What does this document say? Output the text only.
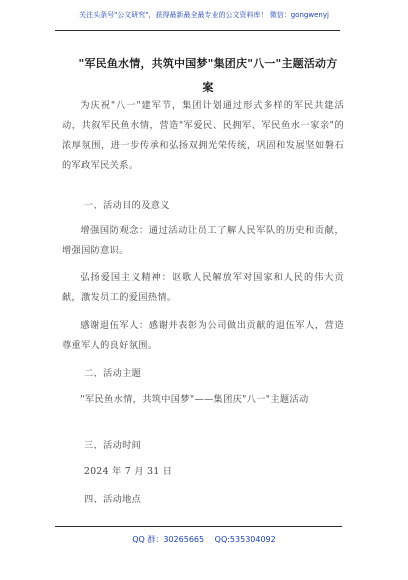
关注头条号"公文研究"，获得最新最全最专业的公文资料库！ 微信：gongwenyj
"军民鱼水情，共筑中国梦"集团庆"八一"主题活动方
案
为庆祝"八一"建军节，集团计划通过形式多样的军民共建活动，共叙军民鱼水情，营造"军爱民、民拥军、军民鱼水一家亲"的浓厚氛围，进一步传承和弘扬双拥光荣传统，巩固和发展坚如磐石的军政军民关系。
一、活动目的及意义
增强国防观念：通过活动让员工了解人民军队的历史和贡献，增强国防意识。
弘扬爱国主义精神：讴歌人民解放军对国家和人民的伟大贡献，激发员工的爱国热情。
感谢退伍军人：感谢并表彰为公司做出贡献的退伍军人，营造尊重军人的良好氛围。
二、活动主题
"军民鱼水情，共筑中国梦"——集团庆"八一"主题活动
三、活动时间
2024 年 7 月 31 日
四、活动地点
QQ 群：30265665 QQ:535304092
